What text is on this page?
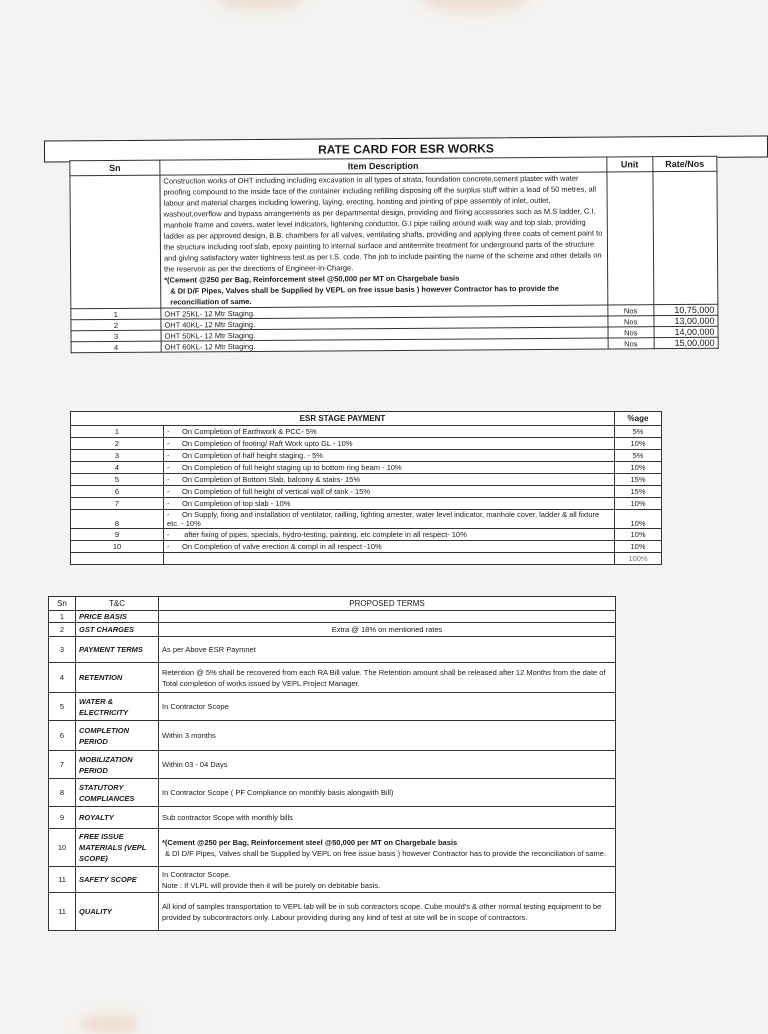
RATE CARD FOR ESR WORKS
Sn	Item Description	Unit	Rate/Nos

	Construction works of OHT including including excavation in all types of strata, foundation concrete,cement plaster with water proofing compound to the inside face of the container including refilling disposing off the surplus stuff within a lead of 50 metres, all labour and material charges including lowering, laying, erecting, hoisting and jointing of pipe assembly of inlet, outlet, washout,overflow and bypass arrangements as per departmental design, providing and fixing accessories such as M.S ladder, C.I. manhole frame and covers, water level indicators, lightening conductor, G.I pipe railing around walk way and top slab, providing ladder as per approved design, B.B. chambers for all valves, ventilating shafts, providing and applying three coats of cement paint to the structure including roof slab, epoxy painting to internal surface and antitermite treatment for underground parts of the structure and giving satisfactory water tightness test as per I.S. code. The job to include painting the name of the scheme and other details on the reservoir as per the directions of Engineer-in-Charge.
*(Cement @250 per Bag, Reinforcement steel @50,000 per MT on Chargebale basis
& DI D/F Pipes, Valves shall be Supplied by VEPL on free issue basis ) however Contractor has to provide the reconciliation of same.		

1	OHT 25KL- 12 Mtr Staging.	Nos	10,75,000
2	OHT 40KL- 12 Mtr Staging.	Nos	13,00,000
3	OHT 50KL- 12 Mtr Staging.	Nos	14,00,000
4	OHT 60KL- 12 Mtr Staging.	Nos	15,00,000
ESR STAGE PAYMENT		%age
1	-      On Completion of Earthwork & PCC- 5%	5%
2	-      On Completion of footing/ Raft Work upto GL - 10%	10%
3	-      On Completion of half height staging. - 5%	5%
4	-      On Completion of full height staging up to bottom ring beam - 10%	10%
5	-      On Completion of Bottom Slab, balcony & stairs- 15%	15%
6	-      On Completion of full height of vertical wall of tank - 15%	15%
7	-      On Completion of top slab - 10%	10%
8	-      On Supply, fixing and installation of ventilator, railling, lighting arrester, water level indicator, manhole cover, ladder & all fixture etc. - 10%	10%
9	-       after fixing of pipes, specials, hydro-testing, painting, etc complete in all respect- 10%	10%
10	-      On Completion of valve erection & compl in all respect -10%	10%
		100%
Sn	T&C	PROPOSED TERMS
1	PRICE BASIS	
2	GST CHARGES	Extra @ 18% on mentioned rates
3	PAYMENT TERMS	As per Above ESR Paymnet
4	RETENTION	Retention @ 5% shall be recovered from each RA Bill value. The Retention amount shall be released after 12 Months from the date of Total completion of works issued by VEPL Project Manager.
5	WATER & ELECTRICITY	In Contractor Scope
6	COMPLETION PERIOD	Within 3 months
7	MOBILIZATION PERIOD	Within 03 - 04 Days
8	STATUTORY COMPLIANCES	In Contractor Scope ( PF Compliance on monthly basis alongwith Bill)
9	ROYALTY	Sub contractor Scope with monthly bills
10	FREE ISSUE MATERIALS (VEPL SCOPE)	*(Cement @250 per Bag, Reinforcement steel @50,000 per MT on Chargebale basis
& DI D/F Pipes, Valves shall be Supplied by VEPL on free issue basis ) however Contractor has to provide the reconciliation of same.

11	SAFETY SCOPE	In Contractor Scope.
Note : If VLPL will provide then it will be purely on debitable basis.

11	QUALITY	All kind of samples transportation to VEPL lab will be in sub contractors scope. Cube mould's & other normal testing equipment to be provided by subcontractors only. Labour providing during any kind of test at site will be in scope of contractors.
